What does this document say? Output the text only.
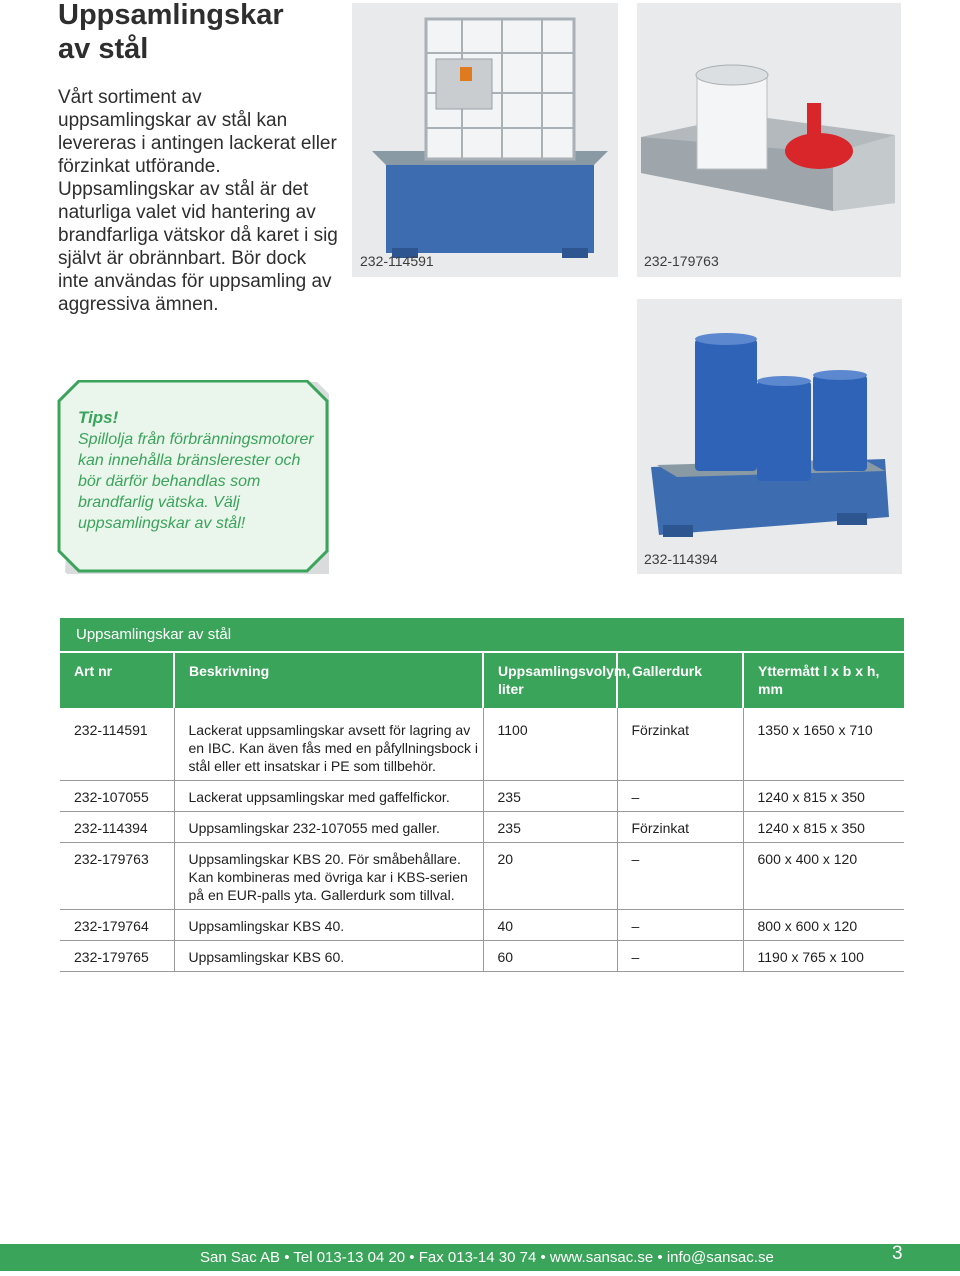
Uppsamlingskar
av stål

Vårt sortiment av uppsamlingskar av stål kan levereras i antingen lackerat eller förzinkat utförande. Uppsamlingskar av stål är det naturliga valet vid hantering av brandfarliga vätskor då karet i sig självt är obrännbart. Bör dock inte användas för uppsamling av aggressiva ämnen.

232-114591	232-179763
232-114394
Tips!
Spillolja från förbränningsmotorer kan innehålla bränslerester och bör därför behandlas som brandfarlig vätska. Välj uppsamlingskar av stål!
Uppsamlingskar av stål
Art nr	Beskrivning	Uppsamlingsvolym, liter	Gallerdurk	Yttermått l x b x h, mm
232-114591	Lackerat uppsamlingskar avsett för lagring av en IBC. Kan även fås med en påfyllningsbock i stål eller ett insatskar i PE som tillbehör.	1100	Förzinkat	1350 x 1650 x 710
232-107055	Lackerat uppsamlingskar med gaffelfickor.	235	–	1240 x 815 x 350
232-114394	Uppsamlingskar 232-107055 med galler.	235	Förzinkat	1240 x 815 x 350
232-179763	Uppsamlingskar KBS 20. För småbehållare. Kan kombineras med övriga kar i KBS-serien på en EUR-palls yta. Gallerdurk som tillval.	20	–	600 x 400 x 120
232-179764	Uppsamlingskar KBS 40.	40	–	800 x 600 x 120
232-179765	Uppsamlingskar KBS 60.	60	–	1190 x 765 x 100
San Sac AB • Tel 013-13 04 20 • Fax 013-14 30 74 • www.sansac.se • info@sansac.se	3
